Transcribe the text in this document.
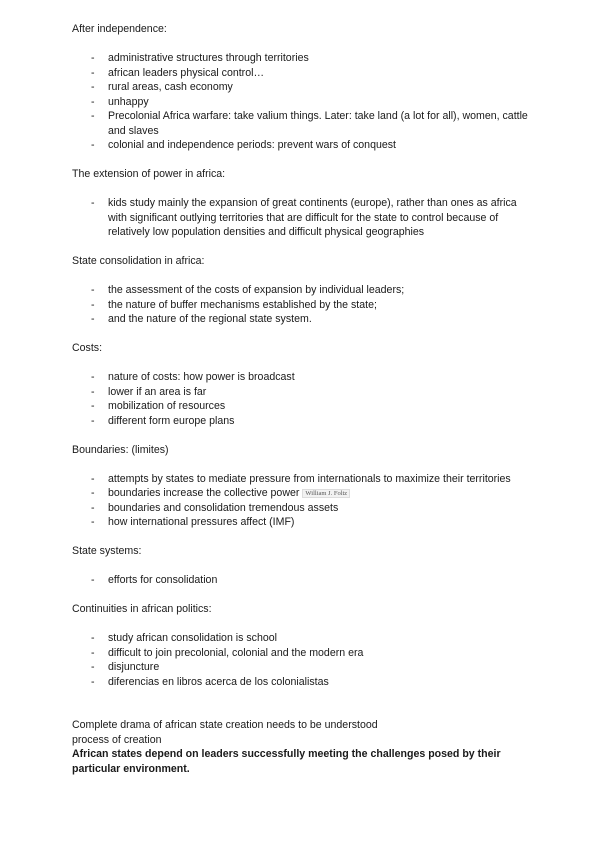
After independence:

- administrative structures through territories
- african leaders physical control…
- rural areas, cash economy
- unhappy
- Precolonial Africa warfare: take valium things. Later: take land (a lot for all), women, cattle and slaves
- colonial and independence periods: prevent wars of conquest

The extension of power in africa:

- kids study mainly the expansion of great continents (europe), rather than ones as africa with significant outlying territories that are difficult for the state to control because of relatively low population densities and difficult physical geographies

State consolidation in africa:

- the assessment of the costs of expansion by individual leaders;
- the nature of buffer mechanisms established by the state;
- and the nature of the regional state system.

Costs:

- nature of costs: how power is broadcast
- lower if an area is far
- mobilization of resources
- different form europe plans

Boundaries: (limites)

- attempts by states to mediate pressure from internationals to maximize their territories
- boundaries increase the collective power William J. Foltz
- boundaries and consolidation tremendous assets
- how international pressures affect (IMF)

State systems:

- efforts for consolidation

Continuities in african politics:

- study african consolidation is school
- difficult to join precolonial, colonial and the modern era
- disjuncture
- diferencias en libros acerca de los colonialistas

Complete drama of african state creation needs to be understood

process of creation

African states depend on leaders successfully meeting the challenges posed by their particular environment.
